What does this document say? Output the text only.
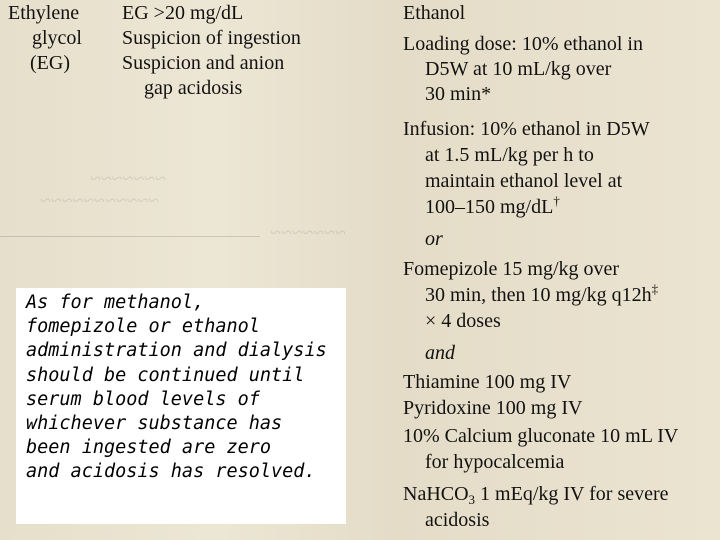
~~~~~~~
~~~~~~~~~~~
~~~~~~~
Ethylene
glycol
(EG)
EG >20 mg/dL
Suspicion of ingestion
Suspicion and anion
gap acidosis
Ethanol
Loading dose: 10% ethanol in
D5W at 10 mL/kg over
30 min*
Infusion: 10% ethanol in D5W
at 1.5 mL/kg per h to
maintain ethanol level at
100–150 mg/dL†
or
Fomepizole 15 mg/kg over
30 min, then 10 mg/kg q12h‡
× 4 doses
and
Thiamine 100 mg IV
Pyridoxine 100 mg IV
10% Calcium gluconate 10 mL IV
for hypocalcemia
NaHCO$_3$ 1 mEq/kg IV for severe
acidosis
As for methanol,
fomepizole or ethanol
administration and dialysis
should be continued until
serum blood levels of
whichever substance has
been ingested are zero
and acidosis has resolved.
